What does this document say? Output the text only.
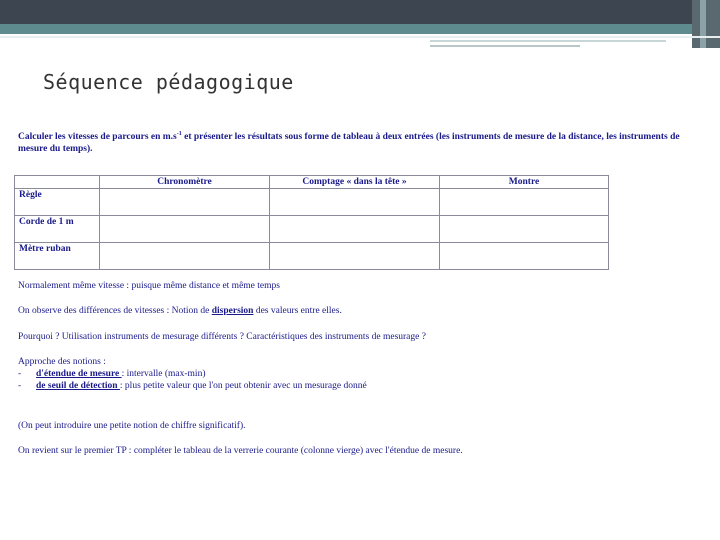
Séquence pédagogique
Calculer les vitesses de parcours en $m.s^{-1}$ et présenter les résultats sous forme de tableau à deux entrées (les instruments de mesure de la distance, les instruments de mesure du temps).
	Chronomètre	Comptage « dans la tête »	Montre
Règle			
Corde de 1 m			
Mètre ruban			
Normalement même vitesse : puisque même distance et même temps
On observe des différences de vitesses : Notion de dispersion des valeurs entre elles.
Pourquoi ? Utilisation instruments de mesurage différents ? Caractéristiques des instruments de mesurage ?
Approche des notions :
- d'étendue de mesure : intervalle (max-min)
- de seuil de détection : plus petite valeur que l'on peut obtenir avec un mesurage donné
(On peut introduire une petite notion de chiffre significatif).
On revient sur le premier TP : compléter le tableau de la verrerie courante (colonne vierge) avec l'étendue de mesure.
